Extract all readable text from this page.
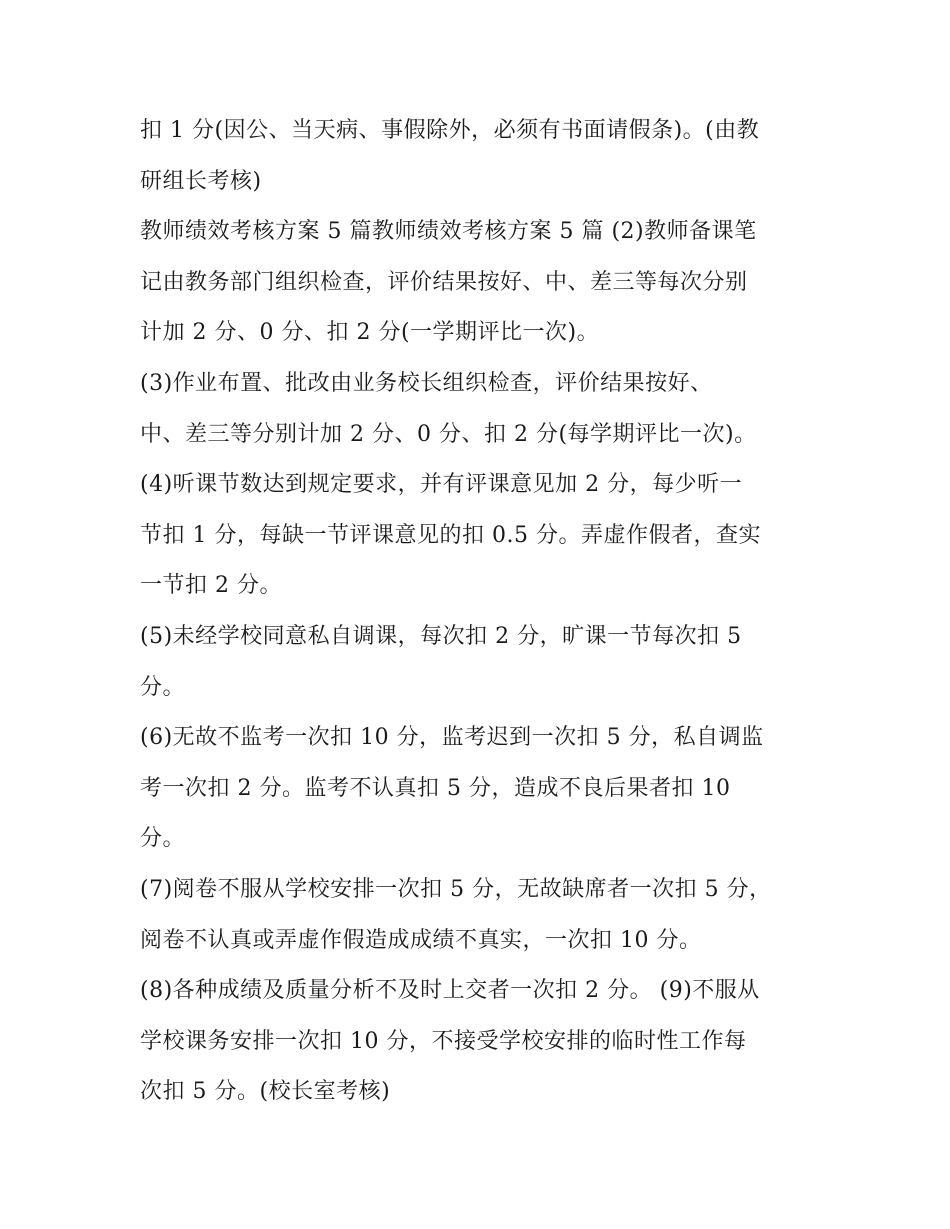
扣 1 分(因公、当天病、事假除外，必须有书面请假条)。(由教
研组长考核)
教师绩效考核方案 5 篇教师绩效考核方案 5 篇 (2)教师备课笔
记由教务部门组织检查，评价结果按好、中、差三等每次分别
计加 2 分、0 分、扣 2 分(一学期评比一次)。
(3)作业布置、批改由业务校长组织检查，评价结果按好、
中、差三等分别计加 2 分、0 分、扣 2 分(每学期评比一次)。
(4)听课节数达到规定要求，并有评课意见加 2 分，每少听一
节扣 1 分，每缺一节评课意见的扣 0.5 分。弄虚作假者，查实
一节扣 2 分。
(5)未经学校同意私自调课，每次扣 2 分，旷课一节每次扣 5
分。
(6)无故不监考一次扣 10 分，监考迟到一次扣 5 分，私自调监
考一次扣 2 分。监考不认真扣 5 分，造成不良后果者扣 10
分。
(7)阅卷不服从学校安排一次扣 5 分，无故缺席者一次扣 5 分，
阅卷不认真或弄虚作假造成成绩不真实，一次扣 10 分。
(8)各种成绩及质量分析不及时上交者一次扣 2 分。 (9)不服从
学校课务安排一次扣 10 分，不接受学校安排的临时性工作每
次扣 5 分。(校长室考核)
